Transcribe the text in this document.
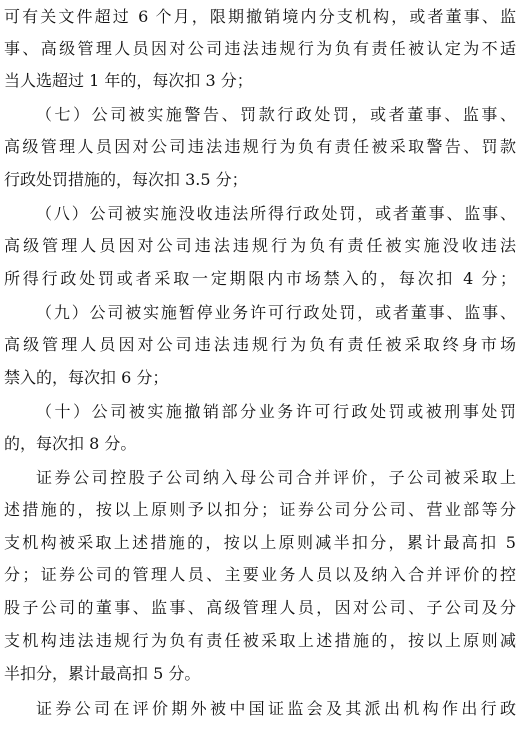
可有关文件超过 6 个月，限期撤销境内分支机构，或者董事、监
事、高级管理人员因对公司违法违规行为负有责任被认定为不适
当人选超过 1 年的，每次扣 3 分；
（七）公司被实施警告、罚款行政处罚，或者董事、监事、
高级管理人员因对公司违法违规行为负有责任被采取警告、罚款
行政处罚措施的，每次扣 3.5 分；
（八）公司被实施没收违法所得行政处罚，或者董事、监事、
高级管理人员因对公司违法违规行为负有责任被实施没收违法
所得行政处罚或者采取一定期限内市场禁入的，每次扣 4 分；
（九）公司被实施暂停业务许可行政处罚，或者董事、监事、
高级管理人员因对公司违法违规行为负有责任被采取终身市场
禁入的，每次扣 6 分；
（十）公司被实施撤销部分业务许可行政处罚或被刑事处罚
的，每次扣 8 分。
证券公司控股子公司纳入母公司合并评价，子公司被采取上
述措施的，按以上原则予以扣分；证券公司分公司、营业部等分
支机构被采取上述措施的，按以上原则减半扣分，累计最高扣 5
分；证券公司的管理人员、主要业务人员以及纳入合并评价的控
股子公司的董事、监事、高级管理人员，因对公司、子公司及分
支机构违法违规行为负有责任被采取上述措施的，按以上原则减
半扣分，累计最高扣 5 分。
证券公司在评价期外被中国证监会及其派出机构作出行政
